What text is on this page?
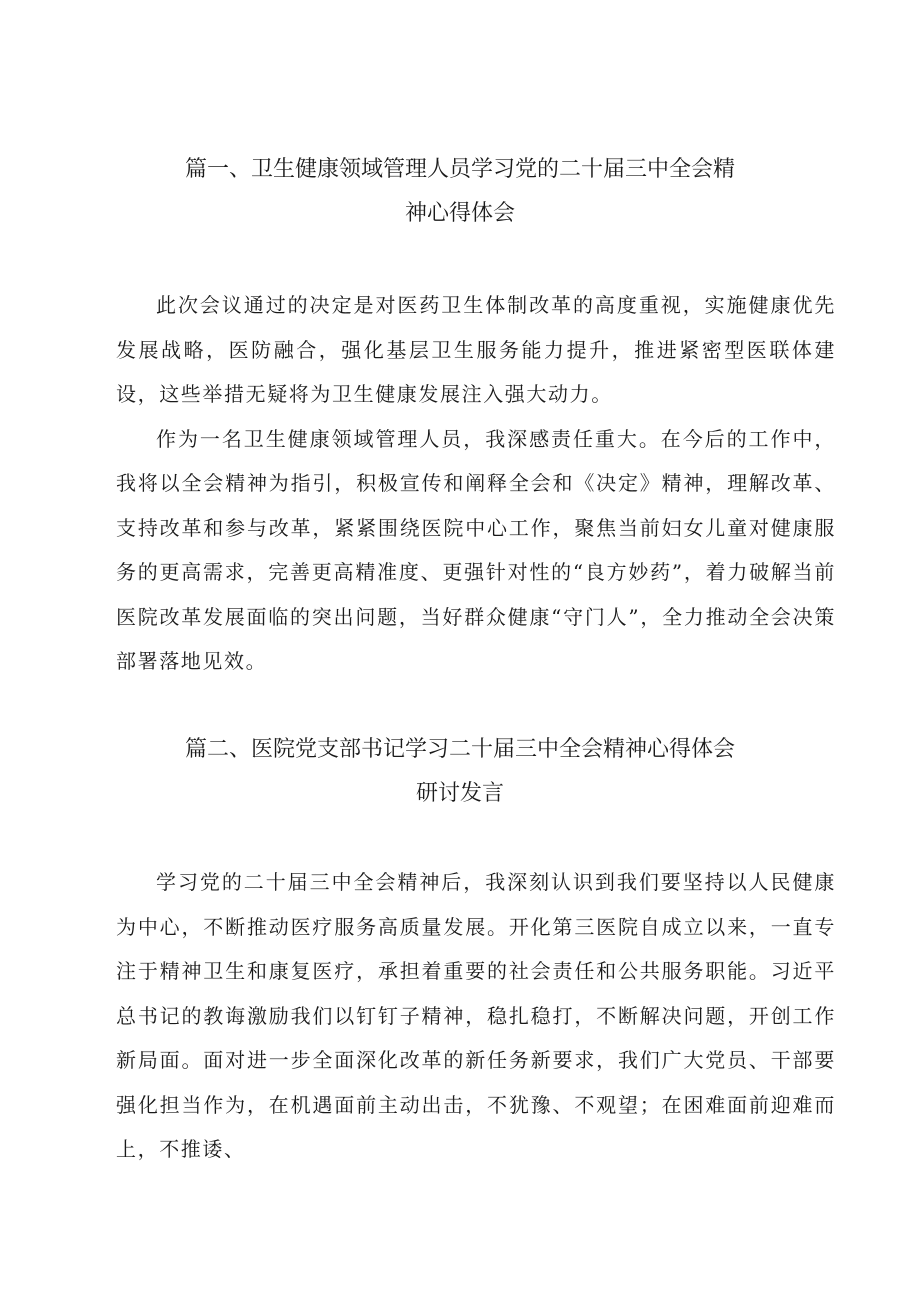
篇一、卫生健康领域管理人员学习党的二十届三中全会精
神心得体会

此次会议通过的决定是对医药卫生体制改革的高度重视，实施健康优先发展战略，医防融合，强化基层卫生服务能力提升，推进紧密型医联体建设，这些举措无疑将为卫生健康发展注入强大动力。

作为一名卫生健康领域管理人员，我深感责任重大。在今后的工作中，我将以全会精神为指引，积极宣传和阐释全会和《决定》精神，理解改革、支持改革和参与改革，紧紧围绕医院中心工作，聚焦当前妇女儿童对健康服务的更高需求，完善更高精准度、更强针对性的“良方妙药”，着力破解当前医院改革发展面临的突出问题，当好群众健康“守门人”，全力推动全会决策部署落地见效。

篇二、医院党支部书记学习二十届三中全会精神心得体会
研讨发言

学习党的二十届三中全会精神后，我深刻认识到我们要坚持以人民健康为中心，不断推动医疗服务高质量发展。开化第三医院自成立以来，一直专注于精神卫生和康复医疗，承担着重要的社会责任和公共服务职能。习近平总书记的教诲激励我们以钉钉子精神，稳扎稳打，不断解决问题，开创工作新局面。面对进一步全面深化改革的新任务新要求，我们广大党员、干部要强化担当作为，在机遇面前主动出击，不犹豫、不观望；在困难面前迎难而上，不推诿、
